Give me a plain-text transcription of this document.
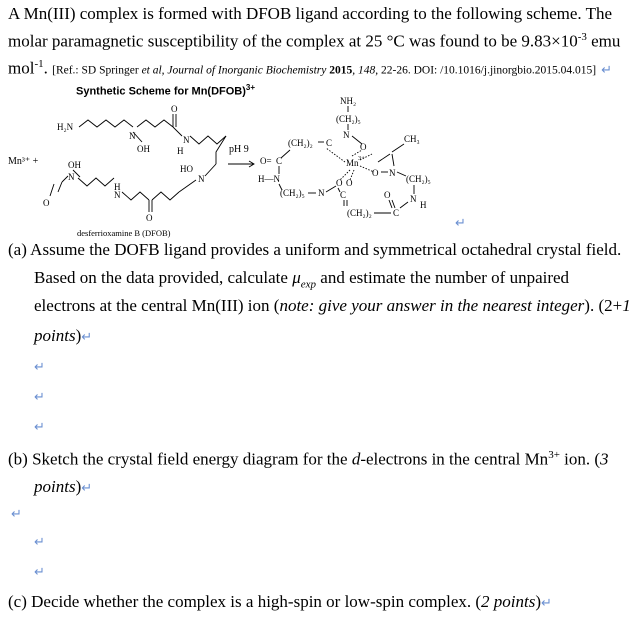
A Mn(III) complex is formed with DFOB ligand according to the following scheme. The
molar paramagnetic susceptibility of the complex at 25 °C was found to be $9.83\times 10^{-3}$ emu
mol$^{-1}$. [Ref.: SD Springer et al, Journal of Inorganic Biochemistry 2015, 148, 22-26. DOI: /10.1016/j.jinorgbio.2015.04.015] ↵
Synthetic Scheme for Mn(DFOB)$^{3+}$
Mn³⁺ +
H₂N
N
OH
O
N
H
OH
N
O
H
N
O
HO
N
desferrioxamine B (DFOB)
pH 9
NH₂
(CH₂)₅
N
O
(CH₂)₂ C
O= C
H—N
(CH₂)₅ N
O O
C
Mn 3+
O N
CH₃
(CH₂)₅
N
H
C
O
(CH₂)₂
↵
(a) Assume the DOFB ligand provides a uniform and symmetrical octahedral crystal field.
Based on the data provided, calculate $\mu_{exp}$ and estimate the number of unpaired
electrons at the central Mn(III) ion (note: give your answer in the nearest integer). (2+1
points)↵
↵
↵
↵
(b) Sketch the crystal field energy diagram for the d-electrons in the central $Mn^{3+}$ ion. (3
points)↵
↵
↵
↵
(c) Decide whether the complex is a high-spin or low-spin complex. (2 points)↵
